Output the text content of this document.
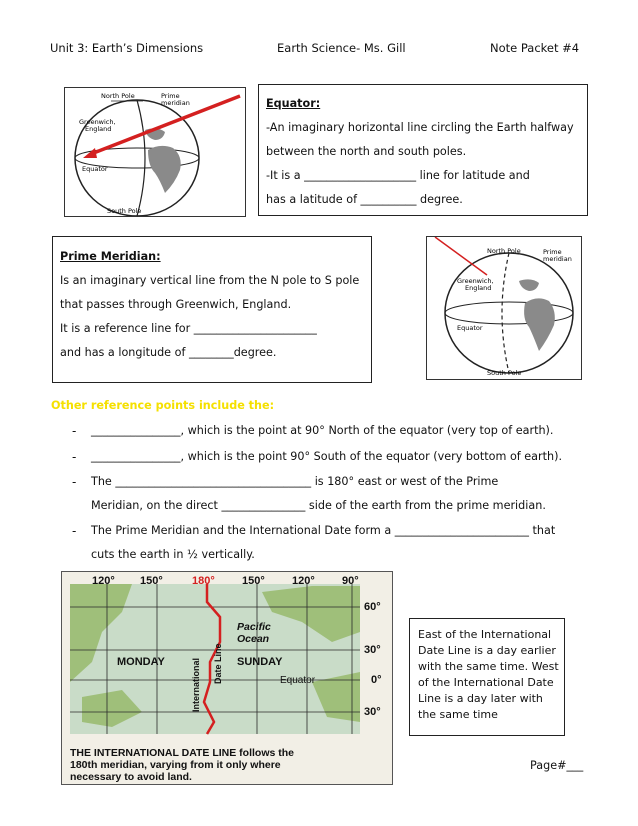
Unit 3: Earth’s Dimensions	Earth Science- Ms. Gill	Note Packet #4
North Pole	Prime
meridian
Greenwich,
England
Equator
South Pole
Equator:
-An imaginary horizontal line circling the Earth halfway
between the north and south poles.
-It is a ____________________ line for latitude and
has a latitude of __________ degree.
Prime Meridian:
Is an imaginary vertical line from the N pole to S pole
that passes through Greenwich, England.
It is a reference line for ______________________
and has a longitude of ________degree.
North Pole	Prime
meridian
Greenwich,
England
Equator
South Pole
Other reference points include the:
- ________________, which is the point at 90° North of the equator (very top of earth).
- ________________, which is the point 90° South of the equator (very bottom of earth).
- The ___________________________________ is 180° east or west of the Prime
Meridian, on the direct _______________ side of the earth from the prime meridian.
- The Prime Meridian and the International Date form a ________________________ that
cuts the earth in ½ vertically.
120° 150°	180° 150° 120° 90°
60°
30°
0°
30°
MONDAY	SUNDAY
Pacific
Ocean
Equator
International Date Line
THE INTERNATIONAL DATE LINE follows the
180th meridian, varying from it only where
necessary to avoid land.
East of the International Date Line is a day earlier with the same time. West of the International Date Line is a day later with the same time
Page#___
